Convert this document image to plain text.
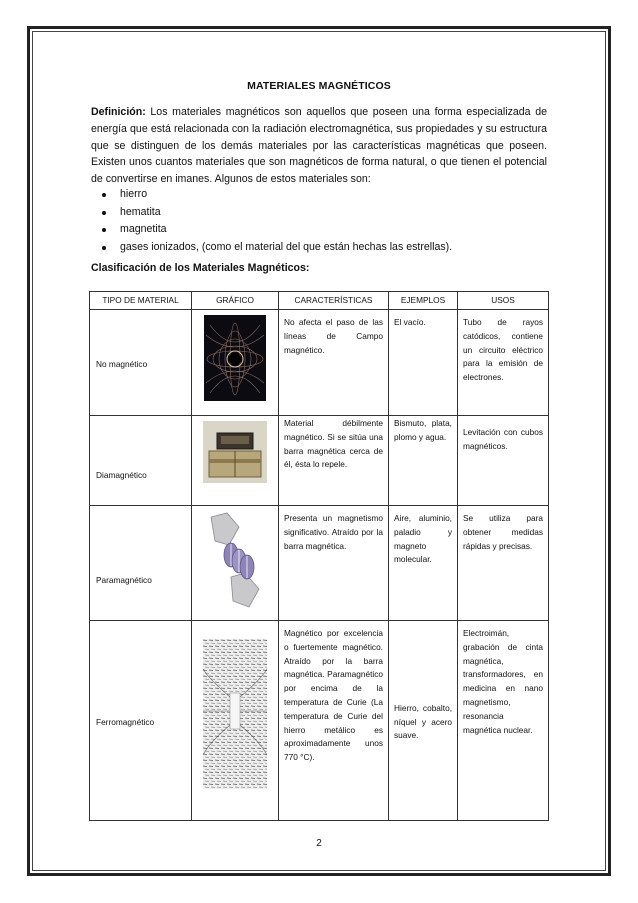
MATERIALES MAGNÉTICOS
Definición: Los materiales magnéticos son aquellos que poseen una forma especializada de energía que está relacionada con la radiación electromagnética, sus propiedades y su estructura que se distinguen de los demás materiales por las características magnéticas que poseen. Existen unos cuantos materiales que son magnéticos de forma natural, o que tienen el potencial de convertirse en imanes. Algunos de estos materiales son:
hierro
hematita
magnetita
gases ionizados, (como el material del que están hechas las estrellas).
Clasificación de los Materiales Magnéticos:
TIPO DE MATERIAL	GRÁFICO	CARACTERÍSTICAS	EJEMPLOS	USOS
No magnético		No afecta el paso de las líneas de Campo magnético.	El vacío.	Tubo de rayos catódicos, contiene un circuito eléctrico para la emisión de electrones.
Diamagnético		Material débilmente magnético. Si se sitúa una barra magnética cerca de él, ésta lo repele.	Bismuto, plata, plomo y agua.	Levitación con cubos magnéticos.
Paramagnético		Presenta un magnetismo significativo. Atraído por la barra magnética.	Aire, aluminio, paladio y magneto molecular.	Se utiliza para obtener medidas rápidas y precisas.
Ferromagnético		Magnético por excelencia o fuertemente magnético. Atraído por la barra magnética. Paramagnético por encima de la temperatura de Curie (La temperatura de Curie del hierro metálico es aproximadamente unos 770 °C).	Hierro, cobalto, níquel y acero suave.	Electroimán, grabación de cinta magnética, transformadores, en medicina en nano magnetismo, resonancia magnética nuclear.
2
